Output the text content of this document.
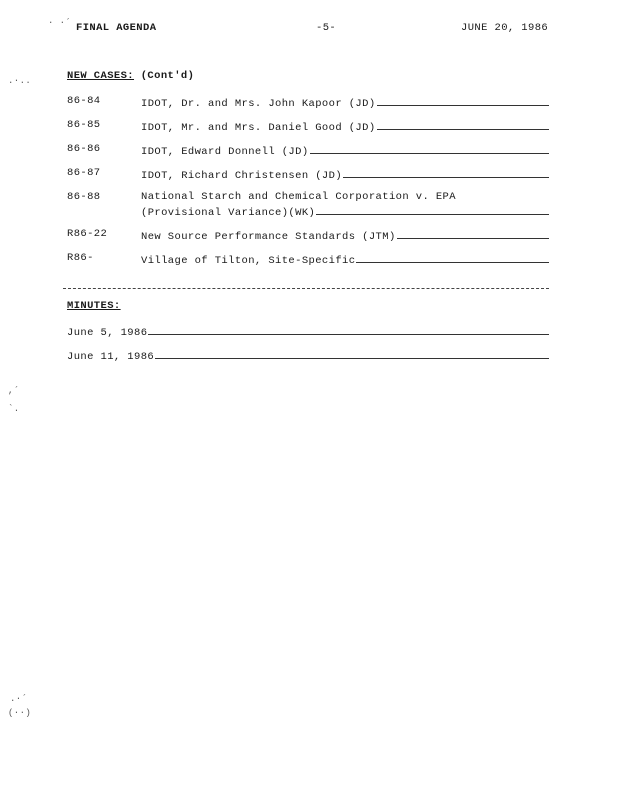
FINAL AGENDA	-5-	JUNE 20, 1986
NEW CASES: (Cont'd)
86-84	IDOT, Dr. and Mrs. John Kapoor (JD)
86-85	IDOT, Mr. and Mrs. Daniel Good (JD)
86-86	IDOT, Edward Donnell (JD)
86-87	IDOT, Richard Christensen (JD)
86-88	National Starch and Chemical Corporation v. EPA
(Provisional Variance)(WK)
R86-22	New Source Performance Standards (JTM)
R86-	Village of Tilton, Site-Specific
MINUTES:
June 5, 1986
June 11, 1986
· ·´
.·..
,´
`.
.·´
(··)
